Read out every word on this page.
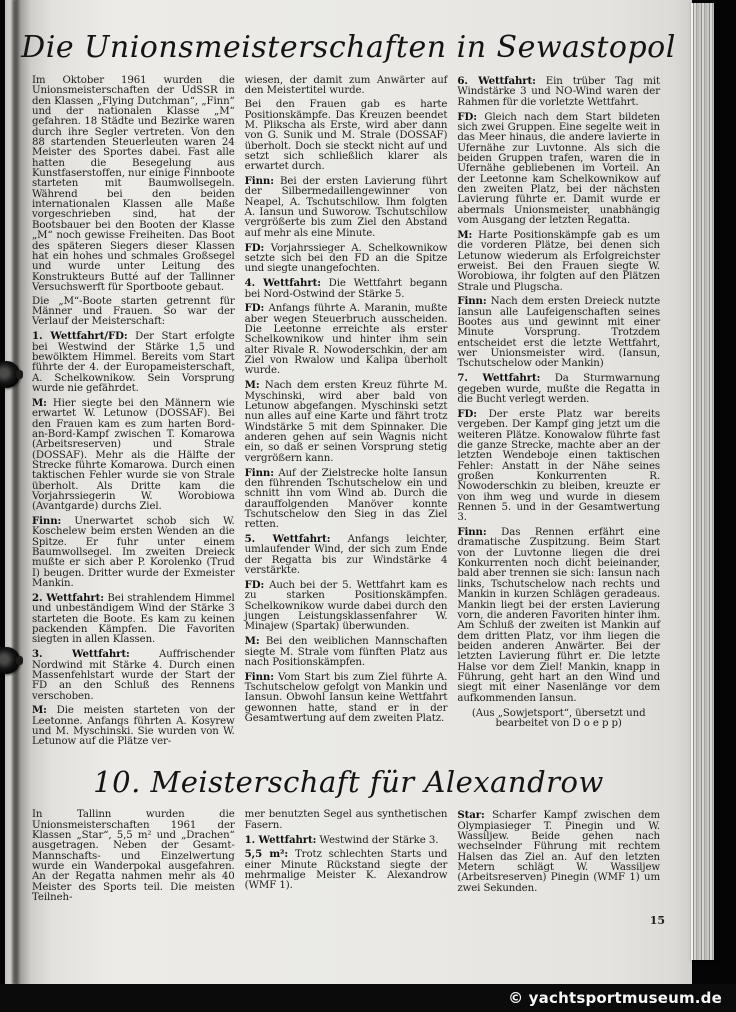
Die Unionsmeisterschaften in Sewastopol

Im Oktober 1961 wurden die Unionsmeisterschaften der UdSSR in den Klassen „Flying Dutchman“, „Finn“ und der nationalen Klasse „M“ gefahren. 18 Städte und Bezirke waren durch ihre Segler vertreten. Von den 88 startenden Steuerleuten waren 24 Meister des Sportes dabei. Fast alle hatten die Besegelung aus Kunstfaserstoffen, nur einige Finnboote starteten mit Baumwollsegeln. Während bei den beiden internationalen Klassen alle Maße vorgeschrieben sind, hat der Bootsbauer bei den Booten der Klasse „M“ noch gewisse Freiheiten. Das Boot des späteren Siegers dieser Klassen hat ein hohes und schmales Großsegel und wurde unter Leitung des Konstrukteurs Butté auf der Tallinner Versuchswerft für Sportboote gebaut.

Die „M“-Boote starten getrennt für Männer und Frauen. So war der Verlauf der Meisterschaft:

1. Wettfahrt/FD: Der Start erfolgte bei Westwind der Stärke 1,5 und bewölktem Himmel. Bereits vom Start führte der 4. der Europameisterschaft, A. Schelkownikow. Sein Vorsprung wurde nie gefährdet.

M: Hier siegte bei den Männern wie erwartet W. Letunow (DOSSAF). Bei den Frauen kam es zum harten Bord-an-Bord-Kampf zwischen T. Komarowa (Arbeitsreserven) und Strale (DOSSAF). Mehr als die Hälfte der Strecke führte Komarowa. Durch einen taktischen Fehler wurde sie von Strale überholt. Als Dritte kam die Vorjahrssiegerin W. Worobiowa (Avantgarde) durchs Ziel.

Finn: Unerwartet schob sich W. Koschelew beim ersten Wenden an die Spitze. Er fuhr unter einem Baumwollsegel. Im zweiten Dreieck mußte er sich aber P. Korolenko (Trud I) beugen. Dritter wurde der Exmeister Mankin.

2. Wettfahrt: Bei strahlendem Himmel und unbeständigem Wind der Stärke 3 starteten die Boote. Es kam zu keinen packenden Kämpfen. Die Favoriten siegten in allen Klassen.

3. Wettfahrt:	Auffrischender Nordwind mit Stärke 4. Durch einen Massenfehlstart wurde der Start der FD an den Schluß des Rennens verschoben.

M: Die meisten starteten von der Leetonne. Anfangs führten A. Kosyrew und M. Myschinski. Sie wurden von W. Letunow auf die Plätze ver-

wiesen, der damit zum Anwärter auf den Meistertitel wurde.

Bei den Frauen gab es harte Positionskämpfe. Das Kreuzen beendet M. Plikscha als Erste, wird aber dann von G. Sunik und M. Strale (DOSSAF) überholt. Doch sie steckt nicht auf und setzt sich schließlich klarer als erwartet durch.

Finn: Bei der ersten Lavierung führt der Silbermedaillengewinner von Neapel, A. Tschutschilow. Ihm folgten A. Iansun und Suworow. Tschutschilow vergrößerte bis zum Ziel den Abstand auf mehr als eine Minute.

FD: Vorjahrssieger A. Schelkownikow setzte sich bei den FD an die Spitze und siegte unangefochten.

4. Wettfahrt: Die Wettfahrt begann bei Nord-Ostwind der Stärke 5.

FD: Anfangs führte A. Maranin, mußte aber wegen Steuerbruch ausscheiden. Die Leetonne erreichte als erster Schelkownikow und hinter ihm sein alter Rivale R. Nowoderschkin, der am Ziel von Rwalow und Kalipa überholt wurde.

M: Nach dem ersten Kreuz führte M. Myschinski, wird aber bald von Letunow abgefangen. Myschinski setzt nun alles auf eine Karte und fährt trotz Windstärke 5 mit dem Spinnaker. Die anderen gehen auf sein Wagnis nicht ein, so daß er seinen Vorsprung stetig vergrößern kann.

Finn: Auf der Zielstrecke holte Iansun den führenden Tschutschelow ein und schnitt ihn vom Wind ab. Durch die darauffolgenden Manöver konnte Tschutschelow den Sieg in das Ziel retten.

5. Wettfahrt: Anfangs leichter, umlaufender Wind, der sich zum Ende der Regatta bis zur Windstärke 4 verstärkte.

FD: Auch bei der 5. Wettfahrt kam es zu starken Positionskämpfen. Schelkownikow wurde dabei durch den jungen Leistungsklassenfahrer W. Minajew (Spartak) überwunden.

M: Bei den weiblichen Mannschaften siegte M. Strale vom fünften Platz aus nach Positionskämpfen.

Finn: Vom Start bis zum Ziel führte A. Tschutschelow gefolgt von Mankin und Iansun. Obwohl Iansun keine Wettfahrt gewonnen hatte, stand er in der Gesamtwertung auf dem zweiten Platz.

6. Wettfahrt: Ein trüber Tag mit Windstärke 3 und NO-Wind waren der Rahmen für die vorletzte Wettfahrt.

FD: Gleich nach dem Start bildeten sich zwei Gruppen. Eine segelte weit in das Meer hinaus, die andere lavierte in Ufernähe zur Luvtonne. Als sich die beiden Gruppen trafen, waren die in Ufernähe gebliebenen im Vorteil. An der Leetonne kam Schelkownikow auf den zweiten Platz, bei der nächsten Lavierung führte er. Damit wurde er abermals Unionsmeister, unabhängig vom Ausgang der letzten Regatta.

M: Harte Positionskämpfe gab es um die vorderen Plätze, bei denen sich Letunow wiederum als Erfolgreichster erweist. Bei den Frauen siegte W. Worobiowa, ihr folgten auf den Plätzen Strale und Plugscha.

Finn: Nach dem ersten Dreieck nutzte Iansun alle Laufeigenschaften seines Bootes aus und gewinnt mit einer Minute Vorsprung. Trotzdem entscheidet erst die letzte Wettfahrt, wer Unionsmeister wird. (Iansun, Tschutschelow oder Mankin)

7. Wettfahrt: Da Sturmwarnung gegeben wurde, mußte die Regatta in die Bucht verlegt werden.

FD: Der erste Platz war bereits vergeben. Der Kampf ging jetzt um die weiteren Plätze. Konowalow führte fast die ganze Strecke, machte aber an der letzten Wendeboje einen taktischen Fehler: Anstatt in der Nähe seines großen Konkurrenten R. Nowoderschkin zu bleiben, kreuzte er von ihm weg und wurde in diesem Rennen 5. und in der Gesamtwertung 3.

Finn: Das Rennen erfährt eine dramatische Zuspitzung. Beim Start von der Luvtonne liegen die drei Konkurrenten noch dicht beieinander, bald aber trennen sie sich: Iansun nach links, Tschutschelow nach rechts und Mankin in kurzen Schlägen geradeaus. Mankin liegt bei der ersten Lavierung vorn, die anderen Favoriten hinter ihm. Am Schluß der zweiten ist Mankin auf dem dritten Platz, vor ihm liegen die beiden anderen Anwärter. Bei der letzten Lavierung führt er. Die letzte Halse vor dem Ziel! Mankin, knapp in Führung, geht hart an den Wind und siegt mit einer Nasenlänge vor dem aufkommenden Iansun.

(Aus „Sowjetsport“, übersetzt und bearbeitet von D o e p p)

10. Meisterschaft für Alexandrow

In Tallinn wurden die Unionsmeisterschaften 1961 der Klassen „Star“, 5,5 m² und „Drachen“ ausgetragen. Neben der Gesamt-Mannschafts- und Einzelwertung wurde ein Wanderpokal ausgefahren. An der Regatta nahmen mehr als 40 Meister des Sports teil. Die meisten Teilneh-

mer benutzten Segel aus synthetischen Fasern.

1. Wettfahrt: Westwind der Stärke 3.

5,5 m²: Trotz schlechten Starts und einer Minute Rückstand siegte der mehrmalige Meister K. Alexandrow (WMF 1).

Star: Scharfer Kampf zwischen dem Olympiasieger T. Pinegin und W. Wassiljew. Beide gehen nach wechselnder Führung mit rechtem Halsen das Ziel an. Auf den letzten Metern schlägt W. Wassiljew (Arbeitsreserven) Pinegin (WMF 1) um zwei Sekunden.

15
© yachtsportmuseum.de
